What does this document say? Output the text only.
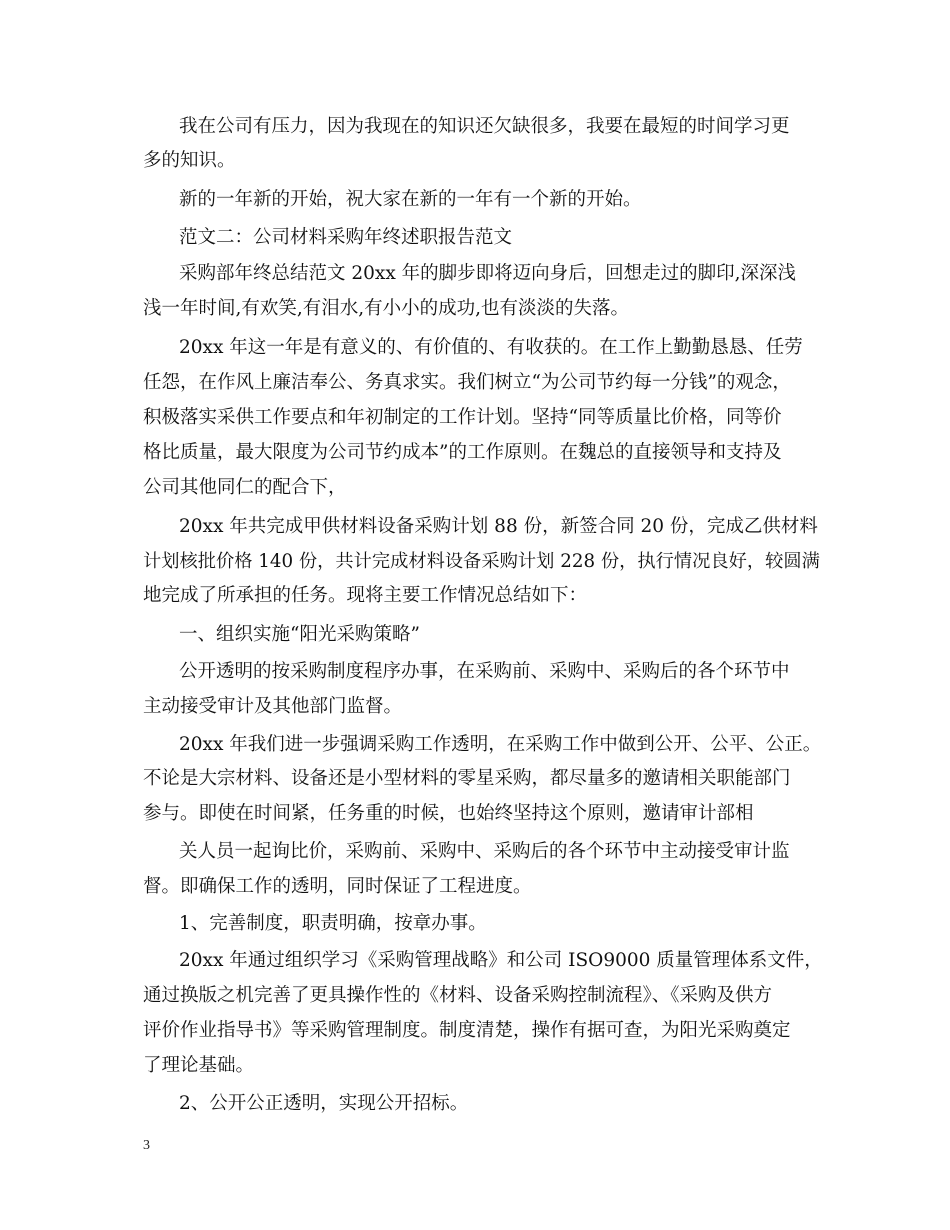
我在公司有压力，因为我现在的知识还欠缺很多，我要在最短的时间学习更
多的知识。
新的一年新的开始，祝大家在新的一年有一个新的开始。
范文二：公司材料采购年终述职报告范文
采购部年终总结范文 20xx 年的脚步即将迈向身后，回想走过的脚印,深深浅
浅一年时间,有欢笑,有泪水,有小小的成功,也有淡淡的失落。
20xx 年这一年是有意义的、有价值的、有收获的。在工作上勤勤恳恳、任劳
任怨，在作风上廉洁奉公、务真求实。我们树立“为公司节约每一分钱”的观念，
积极落实采供工作要点和年初制定的工作计划。坚持“同等质量比价格，同等价
格比质量，最大限度为公司节约成本”的工作原则。在魏总的直接领导和支持及
公司其他同仁的配合下，
20xx 年共完成甲供材料设备采购计划 88 份，新签合同 20 份，完成乙供材料
计划核批价格 140 份，共计完成材料设备采购计划 228 份，执行情况良好，较圆满
地完成了所承担的任务。现将主要工作情况总结如下：
一、组织实施“阳光采购策略”
公开透明的按采购制度程序办事，在采购前、采购中、采购后的各个环节中
主动接受审计及其他部门监督。
20xx 年我们进一步强调采购工作透明，在采购工作中做到公开、公平、公正。
不论是大宗材料、设备还是小型材料的零星采购，都尽量多的邀请相关职能部门
参与。即使在时间紧，任务重的时候，也始终坚持这个原则，邀请审计部相
关人员一起询比价，采购前、采购中、采购后的各个环节中主动接受审计监
督。即确保工作的透明，同时保证了工程进度。
1、完善制度，职责明确，按章办事。
20xx 年通过组织学习《采购管理战略》和公司 ISO9000 质量管理体系文件，
通过换版之机完善了更具操作性的《材料、设备采购控制流程》、《采购及供方
评价作业指导书》等采购管理制度。制度清楚，操作有据可查，为阳光采购奠定
了理论基础。
2、公开公正透明，实现公开招标。
3
